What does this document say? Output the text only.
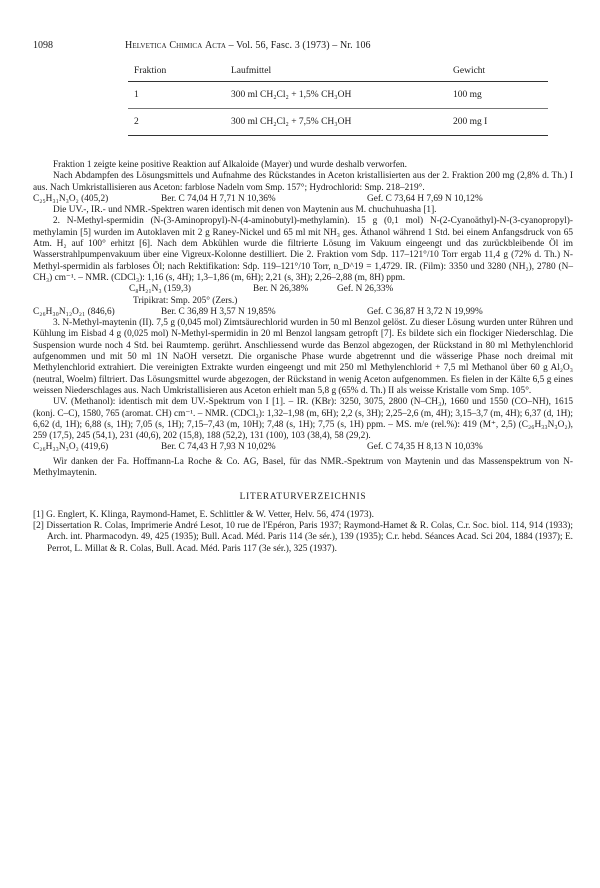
1098	Helvetica Chimica Acta – Vol. 56, Fasc. 3 (1973) – Nr. 106
Fraktion	Laufmittel	Gewicht
1	300 ml CH₂Cl₂ + 1,5% CH₃OH	100 mg
2	300 ml CH₂Cl₂ + 7,5% CH₃OH	200 mg I

Fraktion 1 zeigte keine positive Reaktion auf Alkaloide (Mayer) und wurde deshalb verworfen.

Nach Abdampfen des Lösungsmittels und Aufnahme des Rückstandes in Aceton kristallisierten aus der 2. Fraktion 200 mg (2,8% d. Th.) I aus. Nach Umkristallisieren aus Aceton: farblose Nadeln vom Smp. 157°; Hydrochlorid: Smp. 218–219°.

C₂₅H₃₁N₃O₂ (405,2)	Ber. C 74,04 H 7,71 N 10,36%	Gef. C 73,64 H 7,69 N 10,12%

Die UV.-, IR.- und NMR.-Spektren waren identisch mit denen von Maytenin aus M. chuchuhuasha [1].

2. N-Methyl-spermidin (N-(3-Aminopropyl)-N-(4-aminobutyl)-methylamin). 15 g (0,1 mol) N-(2-Cyanoäthyl)-N-(3-cyanopropyl)-methylamin [5] wurden im Autoklaven mit 2 g Raney-Nickel und 65 ml mit NH₃ ges. Äthanol während 1 Std. bei einem Anfangsdruck von 65 Atm. H₂ auf 100° erhitzt [6]. Nach dem Abkühlen wurde die filtrierte Lösung im Vakuum eingeengt und das zurückbleibende Öl im Wasserstrahlpumpenvakuum über eine Vigreux-Kolonne destilliert. Die 2. Fraktion vom Sdp. 117–121°/10 Torr ergab 11,4 g (72% d. Th.) N-Methyl-spermidin als farbloses Öl; nach Rektifikation: Sdp. 119–121°/10 Torr, n_D^19 = 1,4729. IR. (Film): 3350 und 3280 (NH₂), 2780 (N–CH₃) cm⁻¹. – NMR. (CDCl₃): 1,16 (s, 4H); 1,3–1,86 (m, 6H); 2,21 (s, 3H); 2,26–2,88 (m, 8H) ppm.

C₈H₂₁N₃ (159,3)	Ber. N 26,38%	Gef. N 26,33%
Tripikrat: Smp. 205° (Zers.)
C₂₆H₃₀N₁₂O₂₁ (846,6)	Ber. C 36,89 H 3,57 N 19,85%	Gef. C 36,87 H 3,72 N 19,99%

3. N-Methyl-maytenin (II). 7,5 g (0,045 mol) Zimtsäurechlorid wurden in 50 ml Benzol gelöst. Zu dieser Lösung wurden unter Rühren und Kühlung im Eisbad 4 g (0,025 mol) N-Methyl-spermidin in 20 ml Benzol langsam getropft [7]. Es bildete sich ein flockiger Niederschlag. Die Suspension wurde noch 4 Std. bei Raumtemp. gerührt. Anschliessend wurde das Benzol abgezogen, der Rückstand in 80 ml Methylenchlorid aufgenommen und mit 50 ml 1N NaOH versetzt. Die organische Phase wurde abgetrennt und die wässerige Phase noch dreimal mit Methylenchlorid extrahiert. Die vereinigten Extrakte wurden eingeengt und mit 250 ml Methylenchlorid + 7,5 ml Methanol über 60 g Al₂O₃ (neutral, Woelm) filtriert. Das Lösungsmittel wurde abgezogen, der Rückstand in wenig Aceton aufgenommen. Es fielen in der Kälte 6,5 g eines weissen Niederschlages aus. Nach Umkristallisieren aus Aceton erhielt man 5,8 g (65% d. Th.) II als weisse Kristalle vom Smp. 105°.

UV. (Methanol): identisch mit dem UV.-Spektrum von I [1]. – IR. (KBr): 3250, 3075, 2800 (N–CH₃), 1660 und 1550 (CO–NH), 1615 (konj. C–C), 1580, 765 (aromat. CH) cm⁻¹. – NMR. (CDCl₃): 1,32–1,98 (m, 6H); 2,2 (s, 3H); 2,25–2,6 (m, 4H); 3,15–3,7 (m, 4H); 6,37 (d, 1H); 6,62 (d, 1H); 6,88 (s, 1H); 7,05 (s, 1H); 7,15–7,43 (m, 10H); 7,48 (s, 1H); 7,75 (s, 1H) ppm. – MS. m/e (rel.%): 419 (M⁺, 2,5) (C₂₆H₃₃N₃O₂), 259 (17,5), 245 (54,1), 231 (40,6), 202 (15,8), 188 (52,2), 131 (100), 103 (38,4), 58 (29,2).

C₂₆H₃₃N₃O₂ (419,6)	Ber. C 74,43 H 7,93 N 10,02%	Gef. C 74,35 H 8,13 N 10,03%

Wir danken der Fa. Hoffmann-La Roche & Co. AG, Basel, für das NMR.-Spektrum von Maytenin und das Massenspektrum von N-Methylmaytenin.

LITERATURVERZEICHNIS

[1] G. Englert, K. Klinga, Raymond-Hamet, E. Schlittler & W. Vetter, Helv. 56, 474 (1973).

[2] Dissertation R. Colas, Imprimerie André Lesot, 10 rue de l'Epéron, Paris 1937; Raymond-Hamet & R. Colas, C.r. Soc. biol. 114, 914 (1933); Arch. int. Pharmacodyn. 49, 425 (1935); Bull. Acad. Méd. Paris 114 (3e sér.), 139 (1935); C.r. hebd. Séances Acad. Sci 204, 1884 (1937); E. Perrot, L. Millat & R. Colas, Bull. Acad. Méd. Paris 117 (3e sér.), 325 (1937).
